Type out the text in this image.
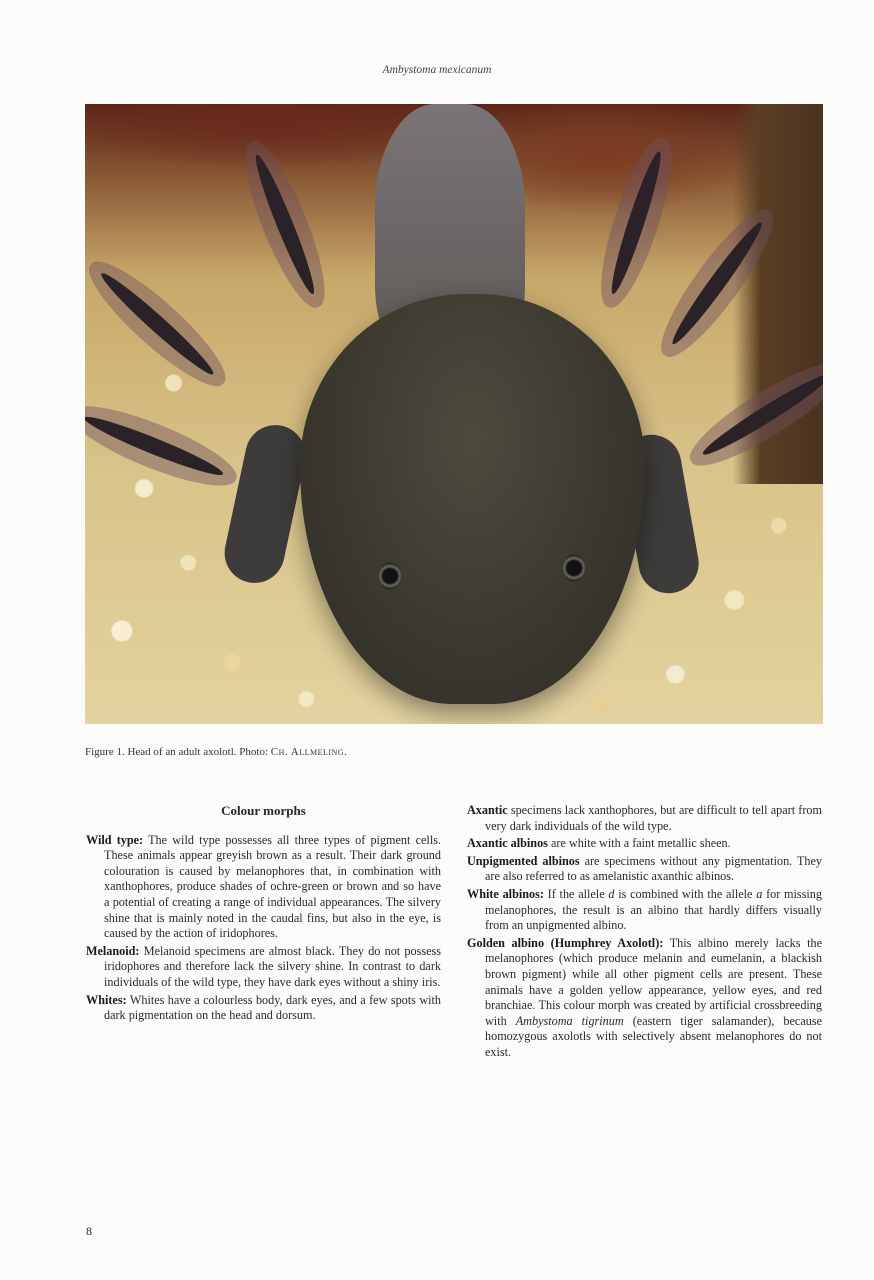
Ambystoma mexicanum
Figure 1. Head of an adult axolotl. Photo: Ch. Allmeling.
Colour morphs

Wild type: The wild type possesses all three types of pigment cells. These animals appear greyish brown as a result. Their dark ground colouration is caused by melanophores that, in combination with xanthophores, produce shades of ochre-green or brown and so have a potential of creating a range of individual appearances. The silvery shine that is mainly noted in the caudal fins, but also in the eye, is caused by the action of iridophores.

Melanoid: Melanoid specimens are almost black. They do not possess iridophores and therefore lack the silvery shine. In contrast to dark individuals of the wild type, they have dark eyes without a shiny iris.

Whites: Whites have a colourless body, dark eyes, and a few spots with dark pigmentation on the head and dorsum.

Axantic specimens lack xanthophores, but are difficult to tell apart from very dark individuals of the wild type.

Axantic albinos are white with a faint metallic sheen.

Unpigmented albinos are specimens without any pigmentation. They are also referred to as amelanistic axanthic albinos.

White albinos: If the allele d is combined with the allele a for missing melanophores, the result is an albino that hardly differs visually from an unpigmented albino.

Golden albino (Humphrey Axolotl): This albino merely lacks the melanophores (which produce melanin and eumelanin, a blackish brown pigment) while all other pigment cells are present. These animals have a golden yellow appearance, yellow eyes, and red branchiae. This colour morph was created by artificial crossbreeding with Ambystoma tigrinum (eastern tiger salamander), because homozygous axolotls with selectively absent melanophores do not exist.

8
